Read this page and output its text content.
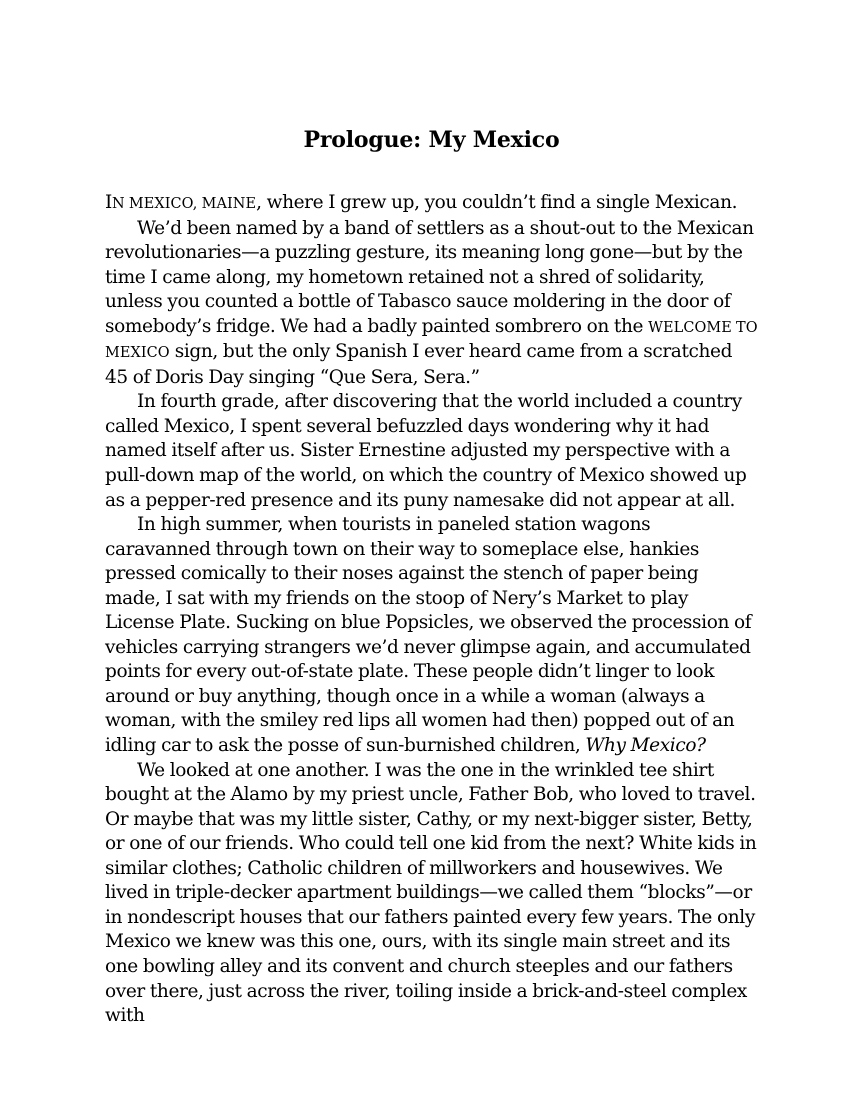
Prologue: My Mexico

IN MEXICO, MAINE, where I grew up, you couldn’t find a single Mexican.

We’d been named by a band of settlers as a shout-out to the Mexican revolutionaries—a puzzling gesture, its meaning long gone—but by the time I came along, my hometown retained not a shred of solidarity, unless you counted a bottle of Tabasco sauce moldering in the door of somebody’s fridge. We had a badly painted sombrero on the WELCOME TO MEXICO sign, but the only Spanish I ever heard came from a scratched 45 of Doris Day singing “Que Sera, Sera.”

In fourth grade, after discovering that the world included a country called Mexico, I spent several befuzzled days wondering why it had named itself after us. Sister Ernestine adjusted my perspective with a pull-down map of the world, on which the country of Mexico showed up as a pepper-red presence and its puny namesake did not appear at all.

In high summer, when tourists in paneled station wagons caravanned through town on their way to someplace else, hankies pressed comically to their noses against the stench of paper being made, I sat with my friends on the stoop of Nery’s Market to play License Plate. Sucking on blue Popsicles, we observed the procession of vehicles carrying strangers we’d never glimpse again, and accumulated points for every out-of-state plate. These people didn’t linger to look around or buy anything, though once in a while a woman (always a woman, with the smiley red lips all women had then) popped out of an idling car to ask the posse of sun-burnished children, Why Mexico?

We looked at one another. I was the one in the wrinkled tee shirt bought at the Alamo by my priest uncle, Father Bob, who loved to travel. Or maybe that was my little sister, Cathy, or my next-bigger sister, Betty, or one of our friends. Who could tell one kid from the next? White kids in similar clothes; Catholic children of millworkers and housewives. We lived in triple-decker apartment buildings—we called them “blocks”—or in nondescript houses that our fathers painted every few years. The only Mexico we knew was this one, ours, with its single main street and its one bowling alley and its convent and church steeples and our fathers over there, just across the river, toiling inside a brick-and-steel complex with
